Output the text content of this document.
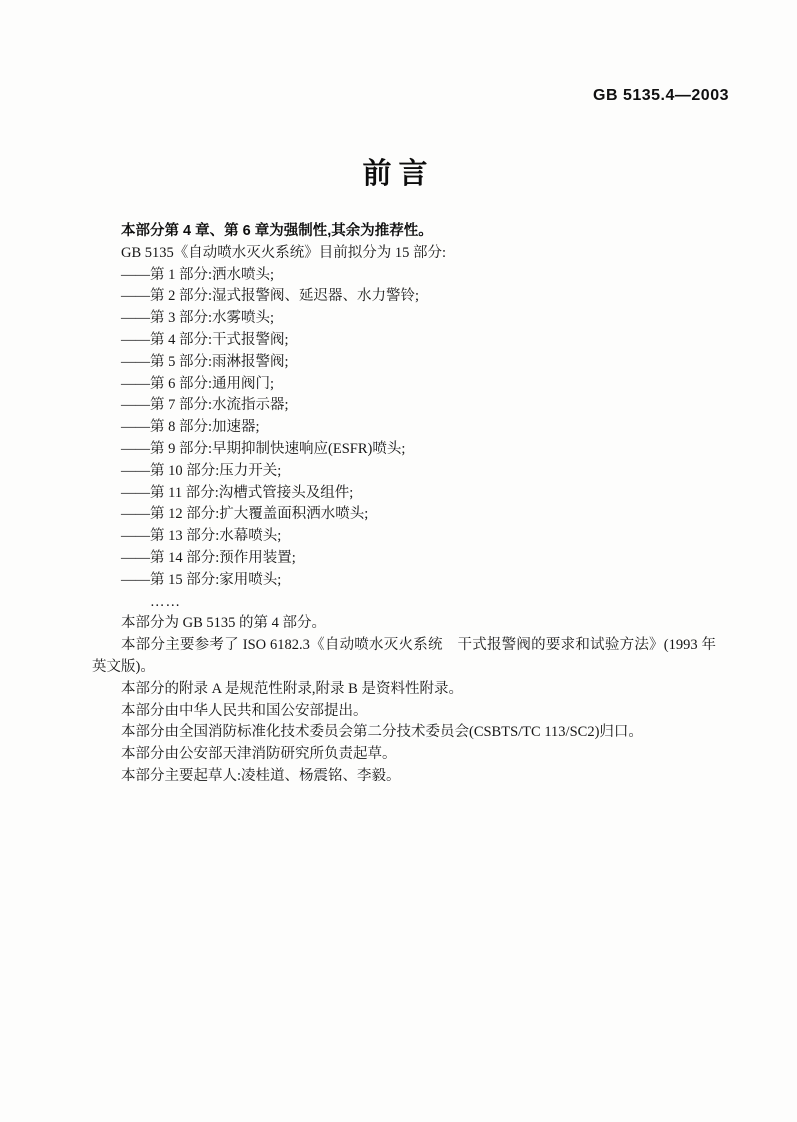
GB 5135.4—2003
前言
本部分第 4 章、第 6 章为强制性,其余为推荐性。
GB 5135《自动喷水灭火系统》目前拟分为 15 部分:
——第 1 部分:洒水喷头;
——第 2 部分:湿式报警阀、延迟器、水力警铃;
——第 3 部分:水雾喷头;
——第 4 部分:干式报警阀;
——第 5 部分:雨淋报警阀;
——第 6 部分:通用阀门;
——第 7 部分:水流指示器;
——第 8 部分:加速器;
——第 9 部分:早期抑制快速响应(ESFR)喷头;
——第 10 部分:压力开关;
——第 11 部分:沟槽式管接头及组件;
——第 12 部分:扩大覆盖面积洒水喷头;
——第 13 部分:水幕喷头;
——第 14 部分:预作用装置;
——第 15 部分:家用喷头;
……
本部分为 GB 5135 的第 4 部分。
本部分主要参考了 ISO 6182.3《自动喷水灭火系统　干式报警阀的要求和试验方法》(1993 年英文版)。
本部分的附录 A 是规范性附录,附录 B 是资料性附录。
本部分由中华人民共和国公安部提出。
本部分由全国消防标准化技术委员会第二分技术委员会(CSBTS/TC 113/SC2)归口。
本部分由公安部天津消防研究所负责起草。
本部分主要起草人:凌桂道、杨震铭、李毅。
